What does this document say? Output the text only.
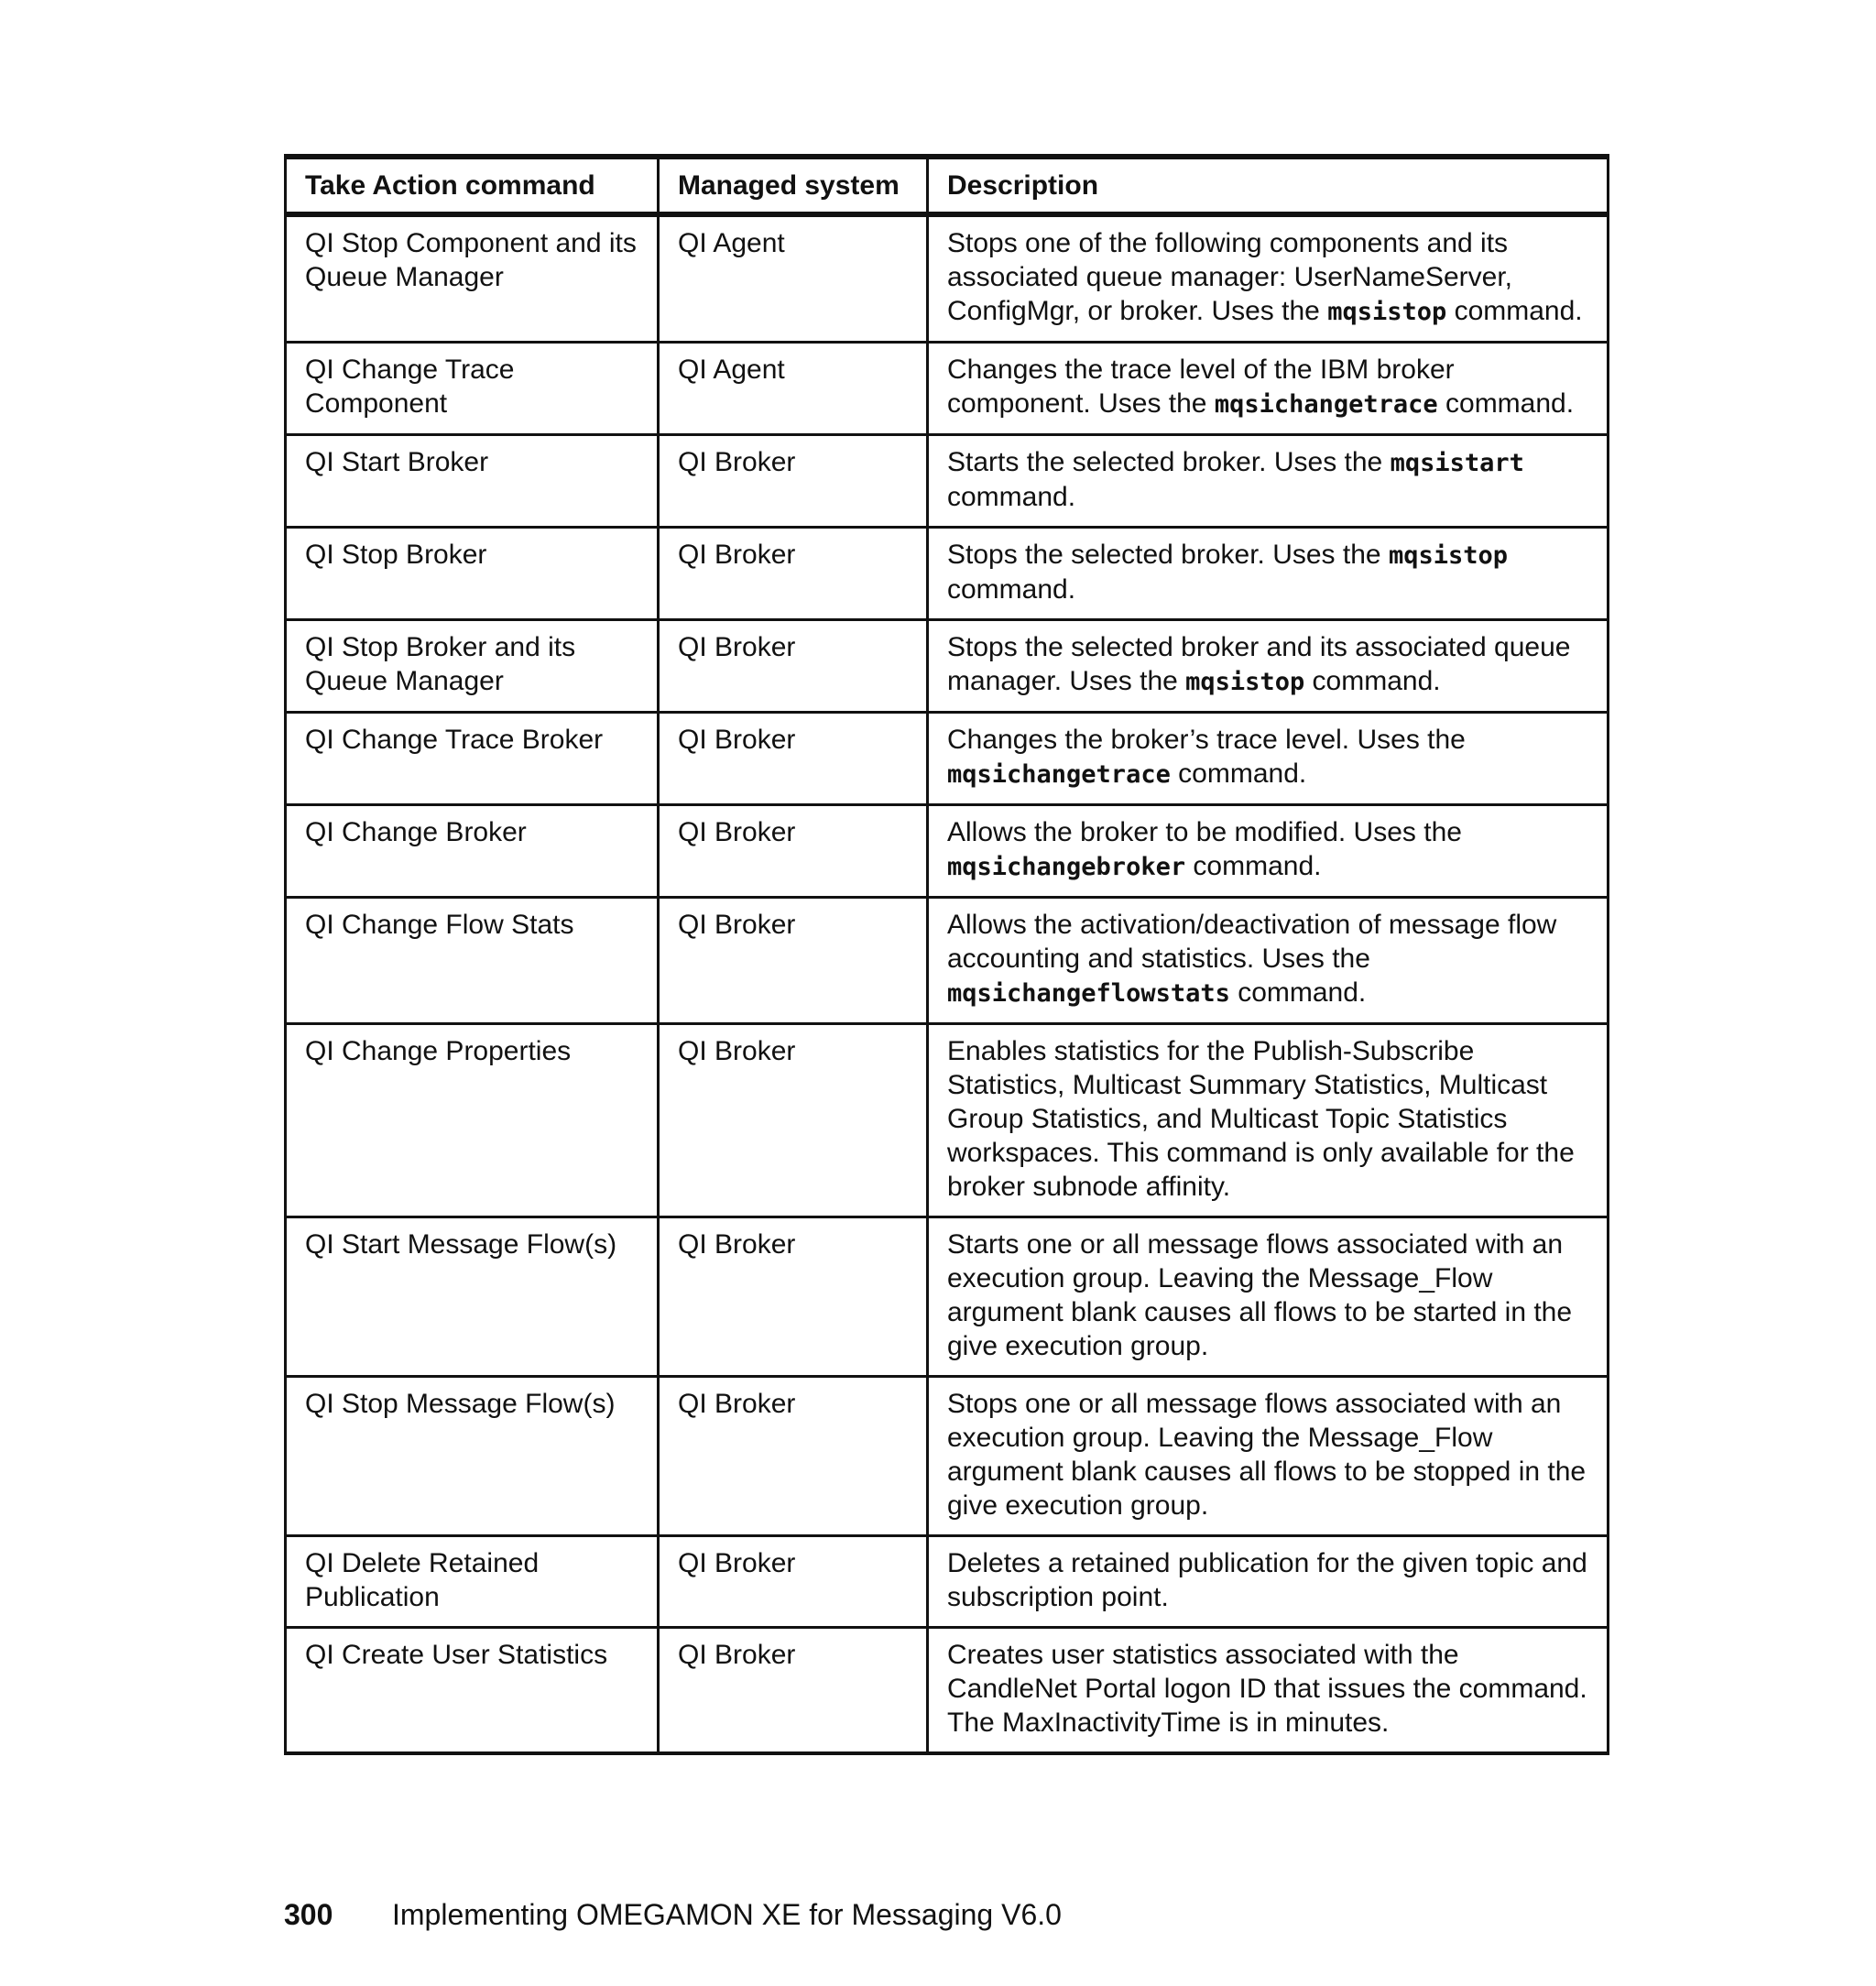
Take Action command	Managed system	Description
QI Stop Component and its Queue Manager	QI Agent	Stops one of the following components and its associated queue manager: UserNameServer, ConfigMgr, or broker. Uses the mqsistop command.
QI Change Trace Component	QI Agent	Changes the trace level of the IBM broker component. Uses the mqsichangetrace command.
QI Start Broker	QI Broker	Starts the selected broker. Uses the mqsistart command.
QI Stop Broker	QI Broker	Stops the selected broker. Uses the mqsistop command.
QI Stop Broker and its Queue Manager	QI Broker	Stops the selected broker and its associated queue manager. Uses the mqsistop command.
QI Change Trace Broker	QI Broker	Changes the broker’s trace level. Uses the mqsichangetrace command.
QI Change Broker	QI Broker	Allows the broker to be modified. Uses the mqsichangebroker command.
QI Change Flow Stats	QI Broker	Allows the activation/deactivation of message flow accounting and statistics. Uses the mqsichangeflowstats command.
QI Change Properties	QI Broker	Enables statistics for the Publish-Subscribe Statistics, Multicast Summary Statistics, Multicast Group Statistics, and Multicast Topic Statistics workspaces. This command is only available for the broker subnode affinity.
QI Start Message Flow(s)	QI Broker	Starts one or all message flows associated with an execution group. Leaving the Message_Flow argument blank causes all flows to be started in the give execution group.
QI Stop Message Flow(s)	QI Broker	Stops one or all message flows associated with an execution group. Leaving the Message_Flow argument blank causes all flows to be stopped in the give execution group.
QI Delete Retained Publication	QI Broker	Deletes a retained publication for the given topic and subscription point.
QI Create User Statistics	QI Broker	Creates user statistics associated with the CandleNet Portal logon ID that issues the command. The MaxInactivityTime is in minutes.
300 Implementing OMEGAMON XE for Messaging V6.0
